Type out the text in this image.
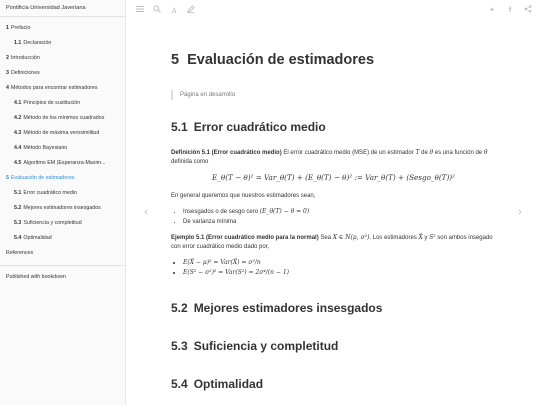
Pontificia Universidad Javeriana
1 Prefacio
1.1 Declaración
2 Introducción
3 Definiciones
4 Métodos para encontrar estimadores
4.1 Principios de sustitución
4.2 Método de los mínimos cuadrados
4.3 Método de máxima verosimilitud
4.4 Método Bayesiano
4.5 Algoritmo EM (Esperanza-Maxim...
5 Evaluación de estimadores
5.1 Error cuadrático medio
5.2 Mejores estimadores insesgados
5.3 Suficiencia y completitud
5.4 Optimalidad
References
Published with bookdown
A	✦	f
‹	›
5 Evaluación de estimadores
Página en desarrollo
5.1 Error cuadrático medio

Definición 5.1 (Error cuadrático medio) El error cuadrático medio (MSE) de un estimador T de θ es una función de θ definida como

E_θ(T − θ)² = Var_θ(T) + (E_θ(T) − θ)² := Var_θ(T) + (Sesgo_θ(T))²

En general queremos que nuestros estimadores sean,

• Insesgados o de sesgo cero (E_θ(T) − θ = 0)
• De varianza mínima

Ejemplo 5.1 (Error cuadrático medio para la normal) Sea X ∈ N(μ, σ²). Los estimadores X̄ y S² son ambos insegado con error cuadrático medio dado por,

• E(X̄ − μ)² = Var(X̄) = σ²/n
• E(S² − σ²)² = Var(S²) = 2σ⁴/(n − 1)
5.2 Mejores estimadores insesgados
5.3 Suficiencia y completitud
5.4 Optimalidad
